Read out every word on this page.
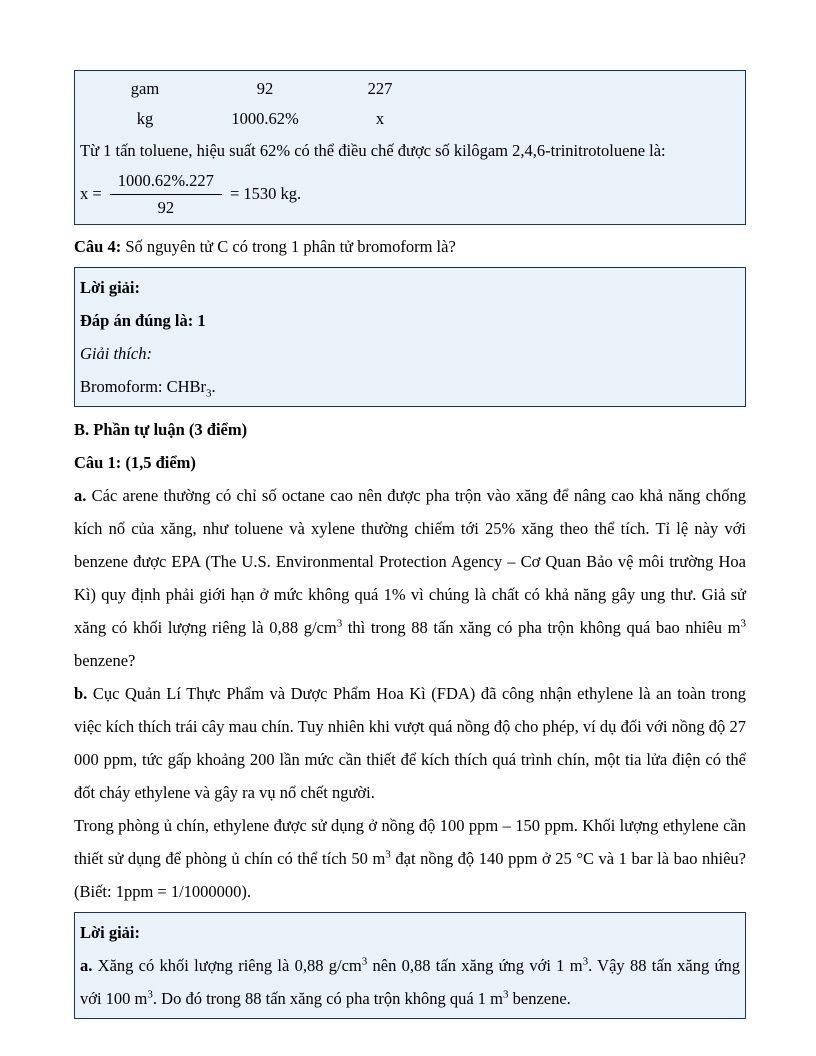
gam	92	227
kg	1000.62%	x

Từ 1 tấn toluene, hiệu suất 62% có thể điều chế được số kilôgam 2,4,6-trinitrotoluene là:

$x = \frac{1000.62\%.227}{92} = 1530$ kg.

Câu 4: Số nguyên tử C có trong 1 phân tử bromoform là?

Lời giải:

Đáp án đúng là: 1

Giải thích:

Bromoform: CHBr$_3$.

B. Phần tự luận (3 điểm)

Câu 1: (1,5 điểm)

a. Các arene thường có chỉ số octane cao nên được pha trộn vào xăng để nâng cao khả năng chống kích nổ của xăng, như toluene và xylene thường chiếm tới 25% xăng theo thể tích. Tỉ lệ này với benzene được EPA (The U.S. Environmental Protection Agency – Cơ Quan Bảo vệ môi trường Hoa Kì) quy định phải giới hạn ở mức không quá 1% vì chúng là chất có khả năng gây ung thư. Giả sử xăng có khối lượng riêng là 0,88 $g/cm^3$ thì trong 88 tấn xăng có pha trộn không quá bao nhiêu $m^3$ benzene?

b. Cục Quản Lí Thực Phẩm và Dược Phẩm Hoa Kì (FDA) đã công nhận ethylene là an toàn trong việc kích thích trái cây mau chín. Tuy nhiên khi vượt quá nồng độ cho phép, ví dụ đối với nồng độ 27 000 ppm, tức gấp khoảng 200 lần mức cần thiết để kích thích quá trình chín, một tia lửa điện có thể đốt cháy ethylene và gây ra vụ nổ chết người.

Trong phòng ủ chín, ethylene được sử dụng ở nồng độ 100 ppm – 150 ppm. Khối lượng ethylene cần thiết sử dụng để phòng ủ chín có thể tích 50 $m^3$ đạt nồng độ 140 ppm ở 25 °C và 1 bar là bao nhiêu? (Biết: 1ppm = 1/1000000).

Lời giải:

a. Xăng có khối lượng riêng là 0,88 $g/cm^3$ nên 0,88 tấn xăng ứng với 1 $m^3$. Vậy 88 tấn xăng ứng với 100 $m^3$. Do đó trong 88 tấn xăng có pha trộn không quá 1 $m^3$ benzene.
